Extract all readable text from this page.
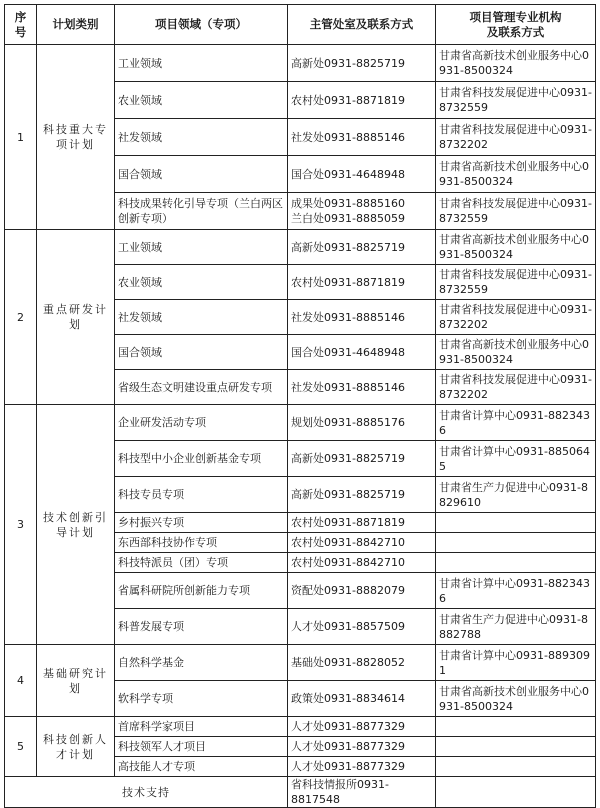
序
号	计划类别	项目领域（专项）	主管处室及联系方式	项目管理专业机构
及联系方式

1	科技重大专项计划	工业领域	高新处0931-8825719	甘肃省高新技术创业服务中心0931-8500324
		农业领域	农村处0931-8871819	甘肃省科技发展促进中心0931-8732559
		社发领域	社发处0931-8885146	甘肃省科技发展促进中心0931-8732202
		国合领域	国合处0931-4648948	甘肃省高新技术创业服务中心0931-8500324
		科技成果转化引导专项（兰白两区创新专项）	成果处0931-8885160
兰白处0931-8885059	甘肃省科技发展促进中心0931-8732559
2	重点研发计划	工业领域	高新处0931-8825719	甘肃省高新技术创业服务中心0931-8500324
		农业领域	农村处0931-8871819	甘肃省科技发展促进中心0931-8732559
		社发领域	社发处0931-8885146	甘肃省科技发展促进中心0931-8732202
		国合领域	国合处0931-4648948	甘肃省高新技术创业服务中心0931-8500324
		省级生态文明建设重点研发专项	社发处0931-8885146	甘肃省科技发展促进中心0931-8732202
3	技术创新引导计划	企业研发活动专项	规划处0931-8885176	甘肃省计算中心0931-8823436
		科技型中小企业创新基金专项	高新处0931-8825719	甘肃省计算中心0931-8850645
		科技专员专项	高新处0931-8825719	甘肃省生产力促进中心0931-8829610
		乡村振兴专项	农村处0931-8871819	
		东西部科技协作专项	农村处0931-8842710	
		科技特派员（团）专项	农村处0931-8842710	
		省属科研院所创新能力专项	资配处0931-8882079	甘肃省计算中心0931-8823436
		科普发展专项	人才处0931-8857509	甘肃省生产力促进中心0931-8882788
4	基础研究计划	自然科学基金	基础处0931-8828052	甘肃省计算中心0931-8893091
		软科学专项	政策处0931-8834614	甘肃省高新技术创业服务中心0931-8500324
5	科技创新人才计划	首席科学家项目	人才处0931-8877329	
		科技领军人才项目	人才处0931-8877329	
		高技能人才专项	人才处0931-8877329	
技术支持			省科技情报所0931-8817548	
